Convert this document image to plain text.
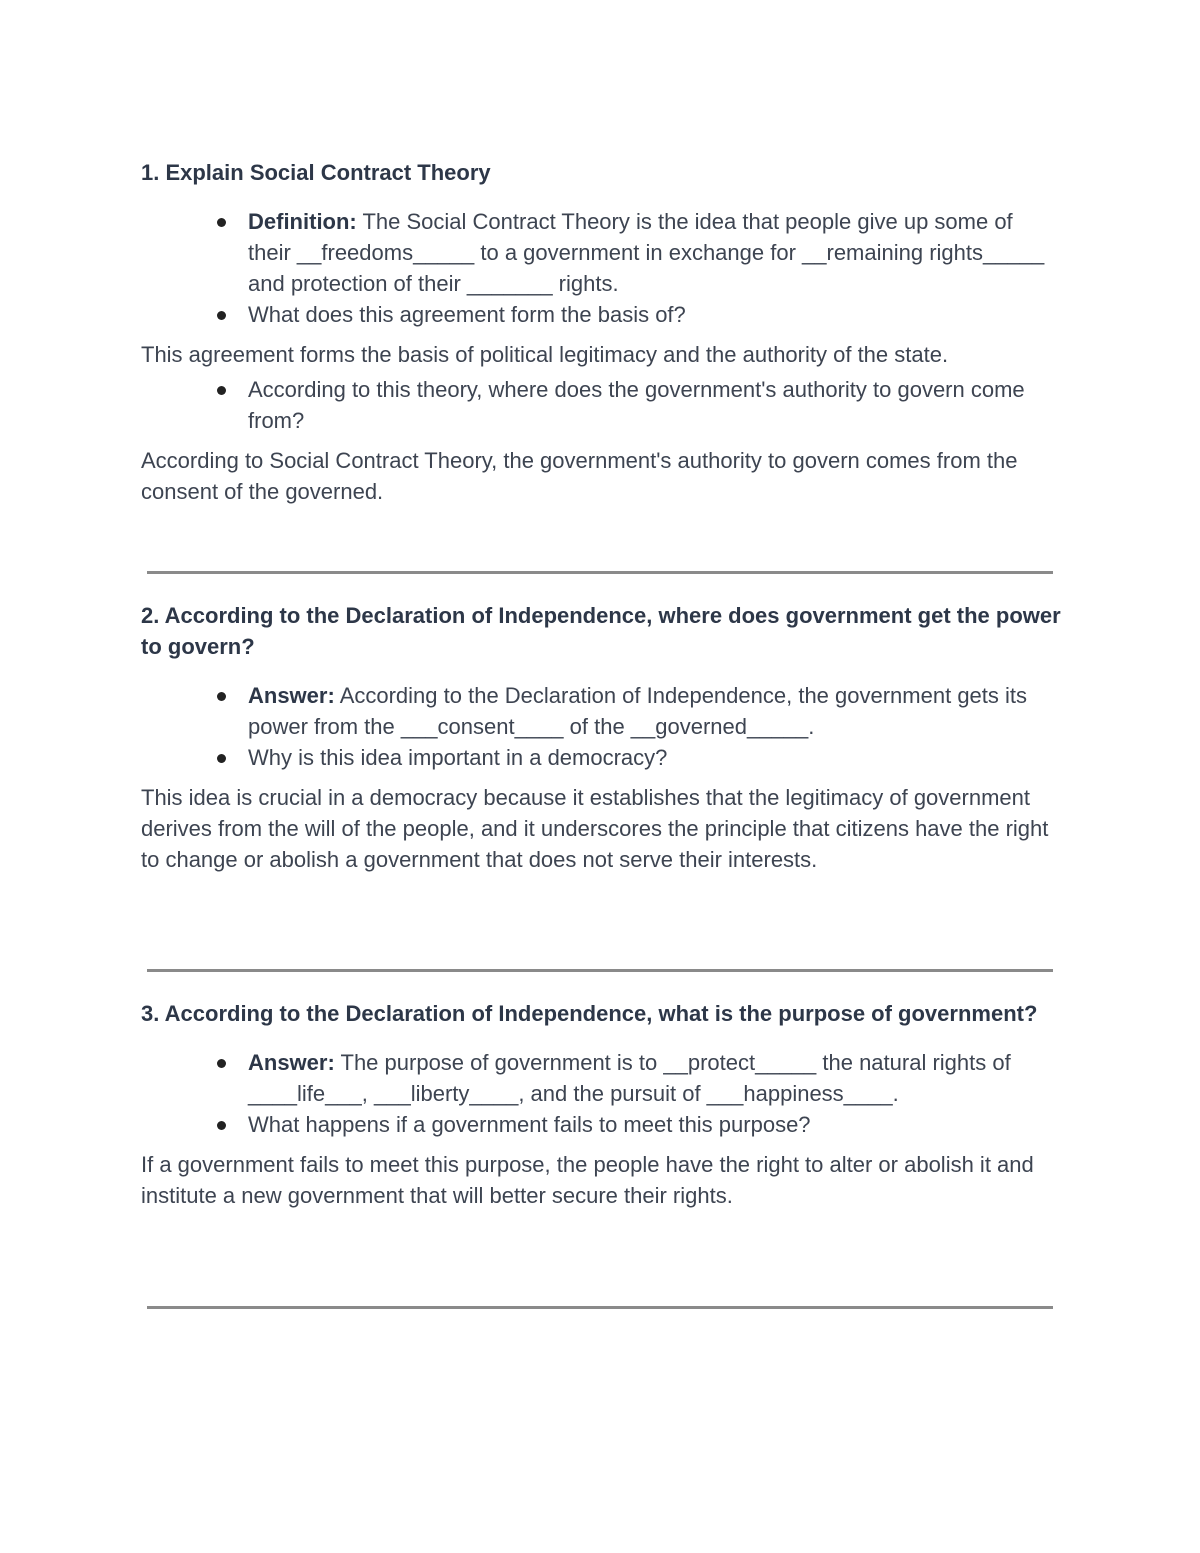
1. Explain Social Contract Theory

Definition: The Social Contract Theory is the idea that people give up some of their __freedoms_____ to a government in exchange for __remaining rights_____ and protection of their _______ rights.
What does this agreement form the basis of?

This agreement forms the basis of political legitimacy and the authority of the state.

According to this theory, where does the government's authority to govern come from?

According to Social Contract Theory, the government's authority to govern comes from the consent of the governed.

2. According to the Declaration of Independence, where does government get the power to govern?

Answer: According to the Declaration of Independence, the government gets its power from the ___consent____ of the __governed_____.
Why is this idea important in a democracy?

This idea is crucial in a democracy because it establishes that the legitimacy of government derives from the will of the people, and it underscores the principle that citizens have the right to change or abolish a government that does not serve their interests.

3. According to the Declaration of Independence, what is the purpose of government?

Answer: The purpose of government is to __protect_____ the natural rights of ____life___, ___liberty____, and the pursuit of ___happiness____.
What happens if a government fails to meet this purpose?

If a government fails to meet this purpose, the people have the right to alter or abolish it and institute a new government that will better secure their rights.
